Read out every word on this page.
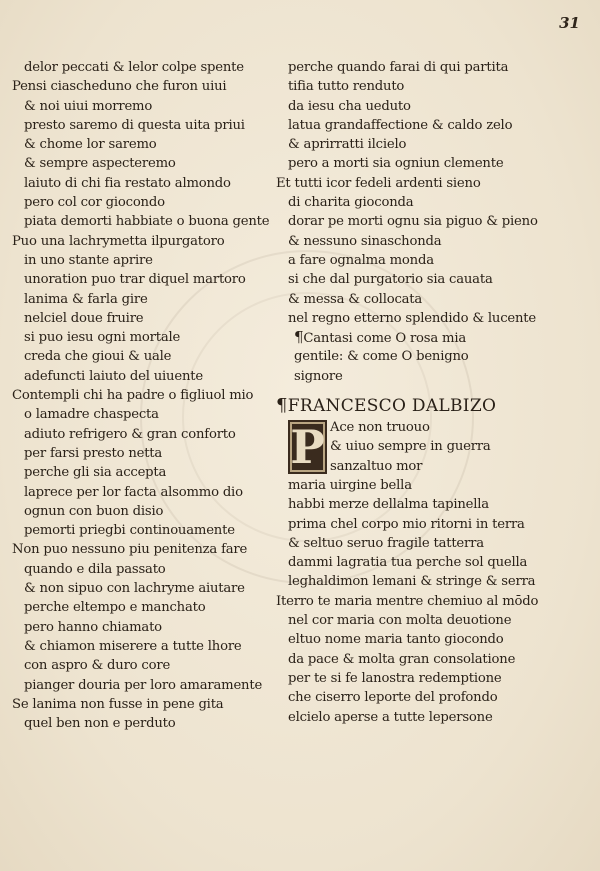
31
delor peccati & lelor colpe spente
Pensi ciascheduno che furon uiui
& noi uiui morremo
presto saremo di questa uita priui
& chome lor saremo
& sempre aspecteremo
laiuto di chi fia restato almondo
pero col cor giocondo
piata demorti habbiate o buona gente
Puo una lachrymetta ilpurgatoro
in uno stante aprire
unoration puo trar diquel martoro
lanima & farla gire
nelciel doue fruire
si puo iesu ogni mortale
creda che gioui & uale
adefuncti laiuto del uiuente
Contempli chi ha padre o figliuol mio
o lamadre chaspecta
adiuto refrigero & gran conforto
per farsi presto netta
perche gli sia accepta
laprece per lor facta alsommo dio
ognun con buon disio
pemorti priegbi continouamente
Non puo nessuno piu penitenza fare
quando e dila passato
& non sipuo con lachryme aiutare
perche eltempo e manchato
pero hanno chiamato
& chiamon miserere a tutte lhore
con aspro & duro core
pianger douria per loro amaramente
Se lanima non fusse in pene gita
quel ben non e perduto
perche quando farai di qui partita
tifia tutto renduto
da iesu cha ueduto
latua grandaffectione & caldo zelo
& aprirratti ilcielo
pero a morti sia ogniun clemente
Et tutti icor fedeli ardenti sieno
di charita gioconda
dorar pe morti ognu sia piguo & pieno
& nessuno sinaschonda
a fare ognalma monda
si che dal purgatorio sia cauata
& messa & collocata
nel regno etterno splendido & lucente
¶Cantasi come O rosa mia
gentile: & come O benigno
signore
¶FRANCESCO DALBIZO
P Ace non truouo
& uiuo sempre in guerra
sanzaltuo mor
maria uirgine bella
habbi merze dellalma tapinella
prima chel corpo mio ritorni in terra
& seltuo seruo fragile tatterra
dammi lagratia tua perche sol quella
leghaldimon lemani & stringe & serra
Iterro te maria mentre chemiuo al mōdo
nel cor maria con molta deuotione
eltuo nome maria tanto giocondo
da pace & molta gran consolatione
per te si fe lanostra redemptione
che ciserro leporte del profondo
elcielo aperse a tutte lepersone
